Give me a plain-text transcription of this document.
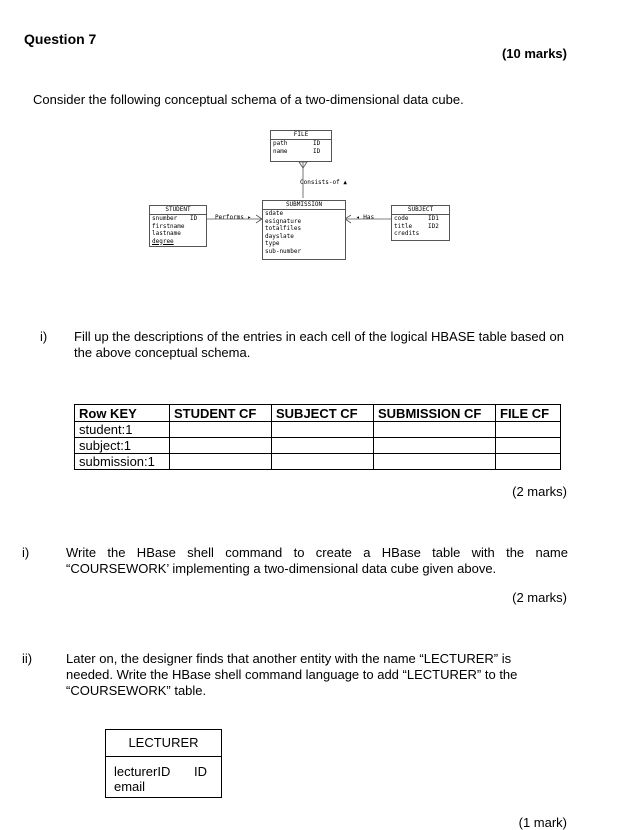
Question 7
(10 marks)
Consider the following conceptual schema of a two-dimensional data cube.
FILE
path	ID
name	ID
Consists-of ▲
STUDENT
snumber ID
firstname
lastname
degree
Performs ▸
SUBMISSION
sdate
esignature
totalfiles
dayslate
type
sub-number
◂ Has
SUBJECT
code	ID1
title	ID2
credits
i) Fill up the descriptions of the entries in each cell of the logical HBASE table based on the above conceptual schema.
Row KEY	STUDENT CF	SUBJECT CF	SUBMISSION CF	FILE CF
student:1				
subject:1				
submission:1				
(2 marks)
i)	Write the HBase shell command to create a HBase table with the name “COURSEWORK’ implementing a two-dimensional data cube given above.
(2 marks)
ii)	Later on, the designer finds that another entity with the name “LECTURER” is needed. Write the HBase shell command language to add “LECTURER” to the “COURSEWORK” table.
LECTURER
lecturerID ID
email
(1 mark)
